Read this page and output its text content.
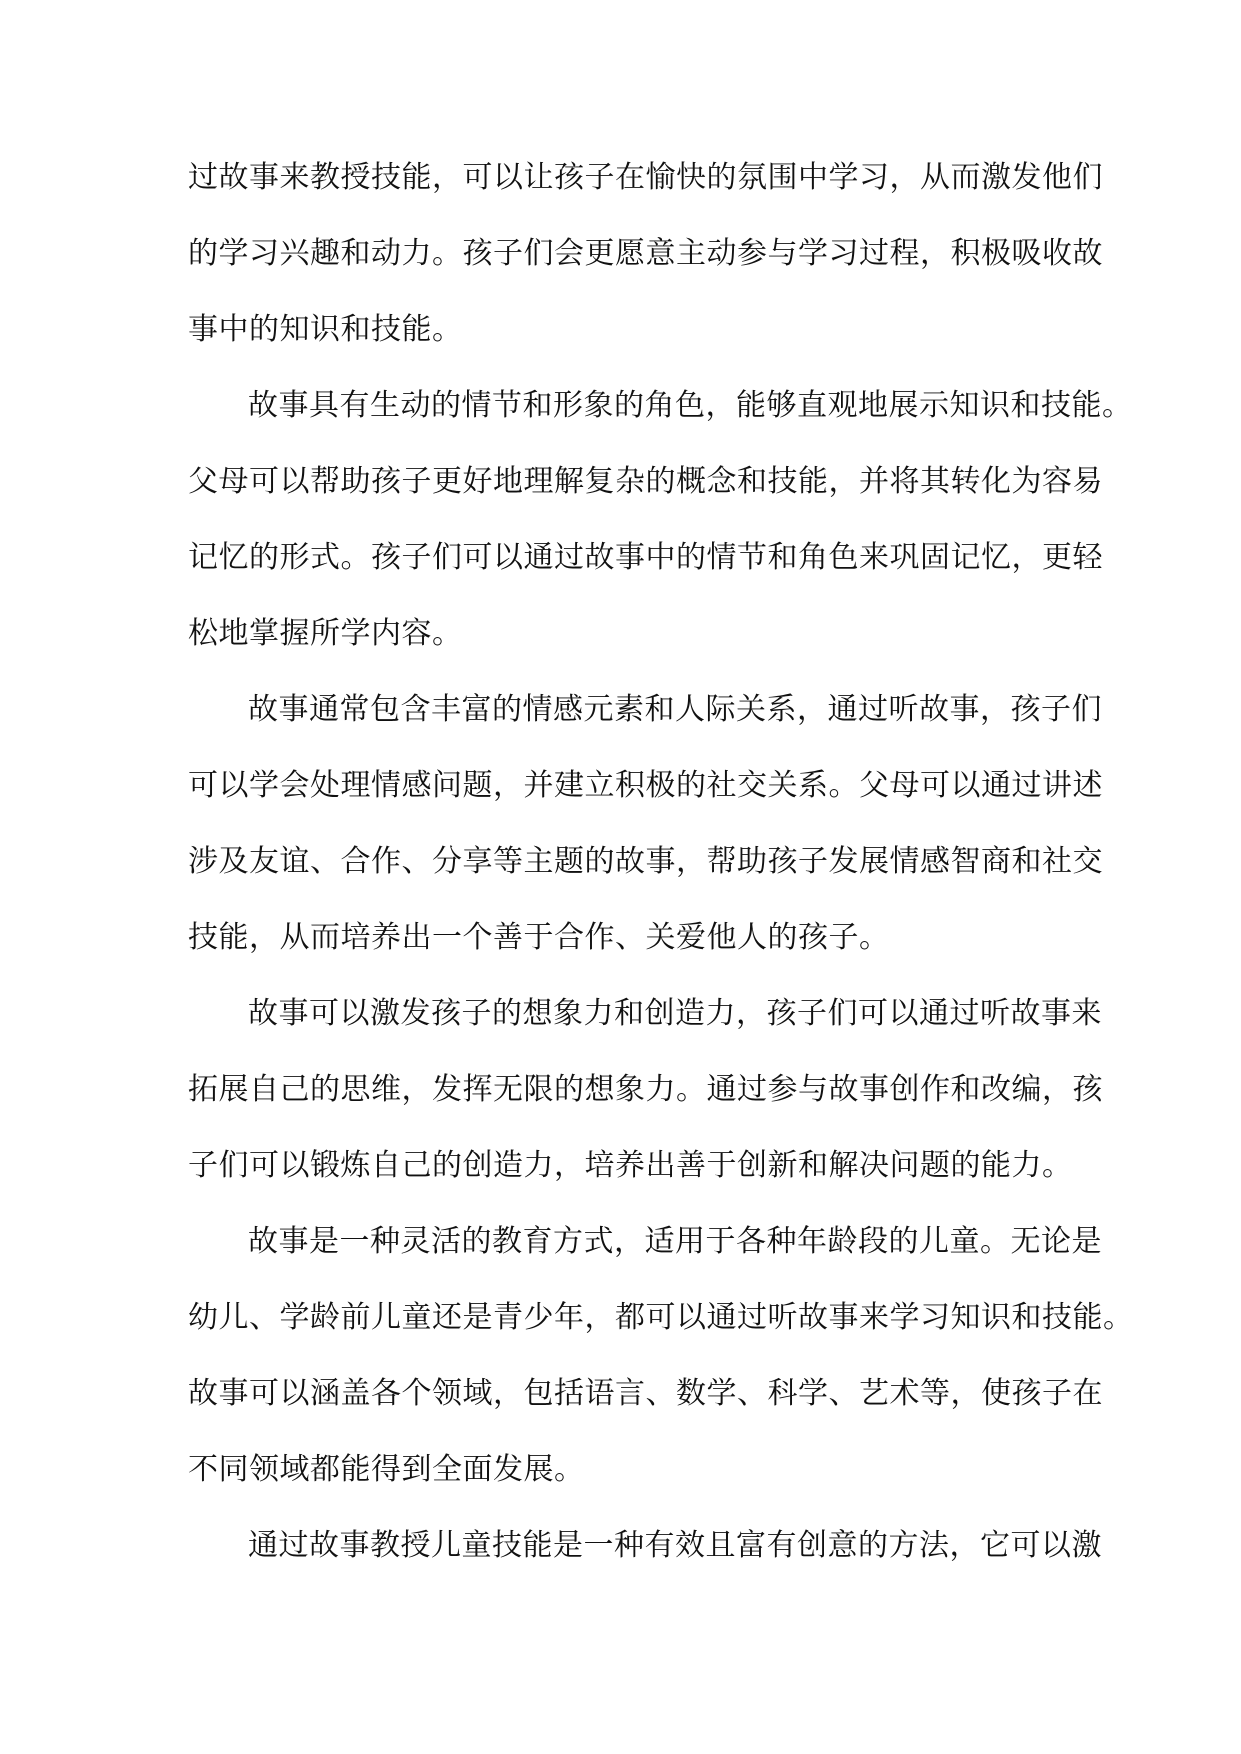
过故事来教授技能，可以让孩子在愉快的氛围中学习，从而激发他们
的学习兴趣和动力。孩子们会更愿意主动参与学习过程，积极吸收故
事中的知识和技能。
故事具有生动的情节和形象的角色，能够直观地展示知识和技能。
父母可以帮助孩子更好地理解复杂的概念和技能，并将其转化为容易
记忆的形式。孩子们可以通过故事中的情节和角色来巩固记忆，更轻
松地掌握所学内容。
故事通常包含丰富的情感元素和人际关系，通过听故事，孩子们
可以学会处理情感问题，并建立积极的社交关系。父母可以通过讲述
涉及友谊、合作、分享等主题的故事，帮助孩子发展情感智商和社交
技能，从而培养出一个善于合作、关爱他人的孩子。
故事可以激发孩子的想象力和创造力，孩子们可以通过听故事来
拓展自己的思维，发挥无限的想象力。通过参与故事创作和改编，孩
子们可以锻炼自己的创造力，培养出善于创新和解决问题的能力。
故事是一种灵活的教育方式，适用于各种年龄段的儿童。无论是
幼儿、学龄前儿童还是青少年，都可以通过听故事来学习知识和技能。
故事可以涵盖各个领域，包括语言、数学、科学、艺术等，使孩子在
不同领域都能得到全面发展。
通过故事教授儿童技能是一种有效且富有创意的方法，它可以激
